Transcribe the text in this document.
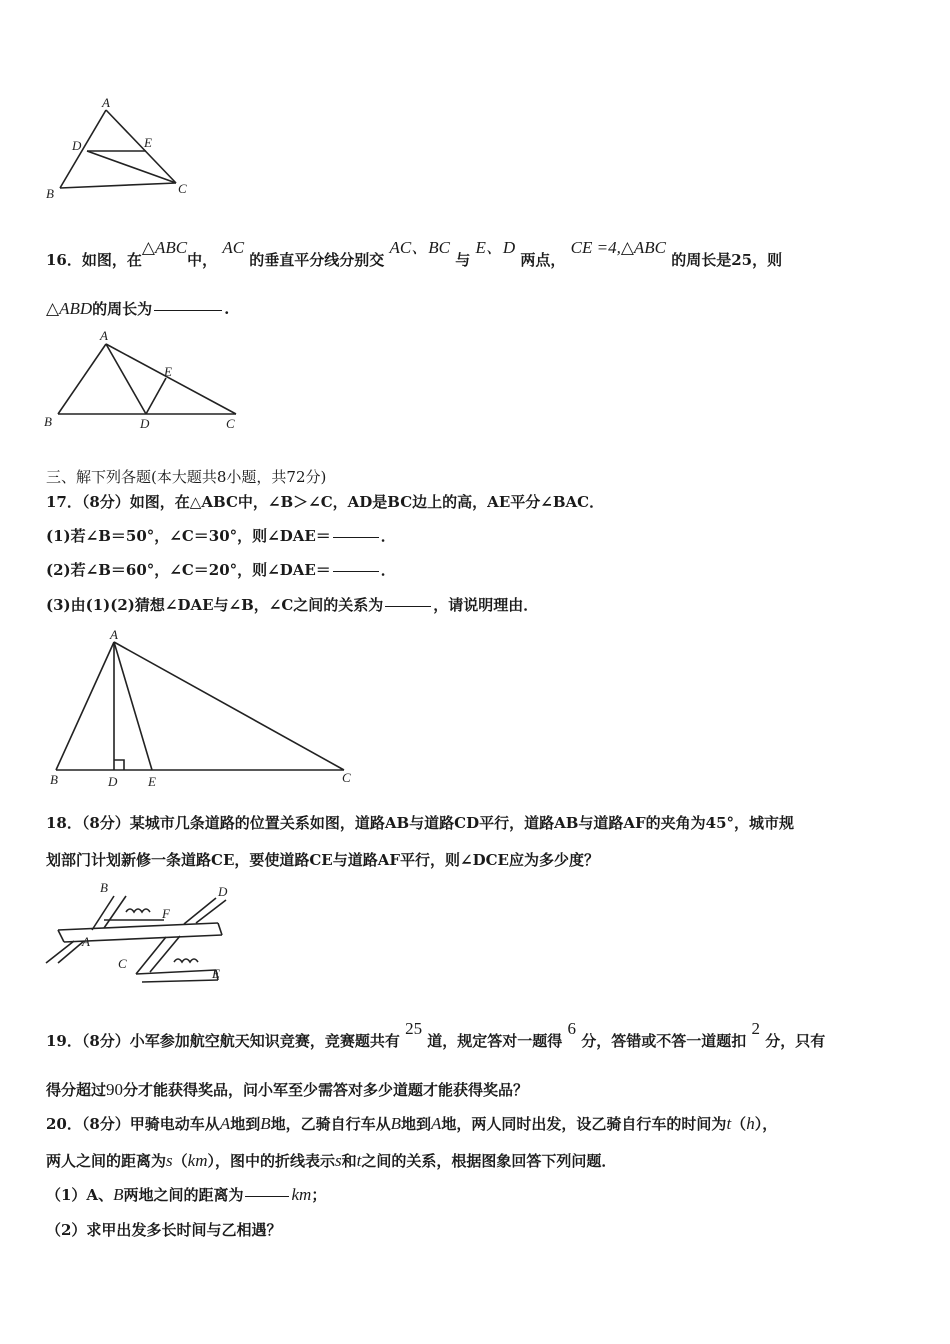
A
D	E
B	C
16．如图，在△ABC中， AC 的垂直平分线分别交 AC、BC 与 E、D 两点， CE =4,△ABC 的周长是25，则
△ABD的周长为	.
A
E
B	D	C
三、解下列各题(本大题共8小题，共72分)
17．（8分）如图，在△ABC中，∠B＞∠C，AD是BC边上的高，AE平分∠BAC．
(1)若∠B＝50°，∠C＝30°，则∠DAE＝	．
(2)若∠B＝60°，∠C＝20°，则∠DAE＝	．
(3)由(1)(2)猜想∠DAE与∠B，∠C之间的关系为	，请说明理由．
A
B	D E	C
18．（8分）某城市几条道路的位置关系如图，道路AB与道路CD平行，道路AB与道路AF的夹角为45°，城市规
划部门计划新修一条道路CE，要使道路CE与道路AF平行，则∠DCE应为多少度？
B	D
F
A
C
E
19．（8分）小军参加航空航天知识竞赛，竞赛题共有 25 道，规定答对一题得 6 分，答错或不答一道题扣 2 分，只有
得分超过90分才能获得奖品，问小军至少需答对多少道题才能获得奖品？
20．（8分）甲骑电动车从A地到B地，乙骑自行车从B地到A地，两人同时出发，设乙骑自行车的时间为t（h），
两人之间的距离为s（km），图中的折线表示s和t之间的关系，根据图象回答下列问题．
（1）A、B两地之间的距离为	km；
（2）求甲出发多长时间与乙相遇？
